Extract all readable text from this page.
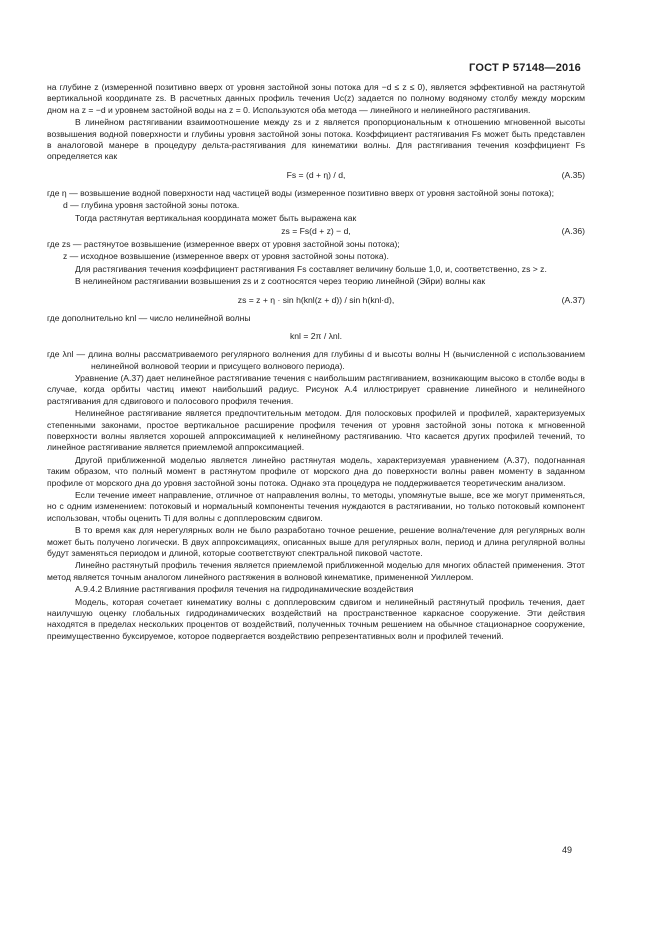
ГОСТ Р 57148—2016

на глубине z (измеренной позитивно вверх от уровня застойной зоны потока для −d ≤ z ≤ 0), является эффективной на растянутой вертикальной координате zs. В расчетных данных профиль течения Uc(z) задается по полному водяному столбу между морским дном на z = −d и уровнем застойной воды на z = 0. Используются оба метода — линейного и нелинейного растягивания.

В линейном растягивании взаимоотношение между zs и z является пропорциональным к отношению мгновенной высоты возвышения водной поверхности и глубины уровня застойной зоны потока. Коэффициент растягивания Fs может быть представлен в аналоговой манере в процедуру дельта-растягивания для кинематики волны. Для растягивания течения коэффициент Fs определяется как

Fs = (d + η) / d,	(А.35)

где η — возвышение водной поверхности над частицей воды (измеренное позитивно вверх от уровня застойной зоны потока);

d — глубина уровня застойной зоны потока.

Тогда растянутая вертикальная координата может быть выражена как

zs = Fs(d + z) − d,	(А.36)

где zs — растянутое возвышение (измеренное вверх от уровня застойной зоны потока);

z — исходное возвышение (измеренное вверх от уровня застойной зоны потока).

Для растягивания течения коэффициент растягивания Fs составляет величину больше 1,0, и, соответственно, zs > z.

В нелинейном растягивании возвышения zs и z соотносятся через теорию линейной (Эйри) волны как

zs = z + η · sin h(knl(z + d)) / sin h(knl·d),	(А.37)

где дополнительно knl — число нелинейной волны

knl = 2π / λnl.

где λnl — длина волны рассматриваемого регулярного волнения для глубины d и высоты волны H (вычисленной с использованием нелинейной волновой теории и присущего волнового периода).

Уравнение (А.37) дает нелинейное растягивание течения с наибольшим растягиванием, возникающим высоко в столбе воды в случае, когда орбиты частиц имеют наибольший радиус. Рисунок А.4 иллюстрирует сравнение линейного и нелинейного растягивания для сдвигового и полосового профиля течения.

Нелинейное растягивание является предпочтительным методом. Для полосковых профилей и профилей, характеризуемых степенными законами, простое вертикальное расширение профиля течения от уровня застойной зоны потока к мгновенной поверхности волны является хорошей аппроксимацией к нелинейному растягиванию. Что касается других профилей течений, то линейное растягивание является приемлемой аппроксимацией.

Другой приближенной моделью является линейно растянутая модель, характеризуемая уравнением (А.37), подогнанная таким образом, что полный момент в растянутом профиле от морского дна до поверхности волны равен моменту в заданном профиле от морского дна до уровня застойной зоны потока. Однако эта процедура не поддерживается теоретическим анализом.

Если течение имеет направление, отличное от направления волны, то методы, упомянутые выше, все же могут применяться, но с одним изменением: потоковый и нормальный компоненты течения нуждаются в растягивании, но только потоковый компонент использован, чтобы оценить Ti для волны с допплеровским сдвигом.

В то время как для нерегулярных волн не было разработано точное решение, решение волна/течение для регулярных волн может быть получено логически. В двух аппроксимациях, описанных выше для регулярных волн, период и длина регулярной волны будут заменяться периодом и длиной, которые соответствуют спектральной пиковой частоте.

Линейно растянутый профиль течения является приемлемой приближенной моделью для многих областей применения. Этот метод является точным аналогом линейного растяжения в волновой кинематике, примененной Уиллером.

А.9.4.2 Влияние растягивания профиля течения на гидродинамические воздействия

Модель, которая сочетает кинематику волны с допплеровским сдвигом и нелинейный растянутый профиль течения, дает наилучшую оценку глобальных гидродинамических воздействий на пространственное каркасное сооружение. Эти действия находятся в пределах нескольких процентов от воздействий, полученных точным решением на обычное стационарное сооружение, преимущественно буксируемое, которое подвергается воздействию репрезентативных волн и профилей течений.

49
